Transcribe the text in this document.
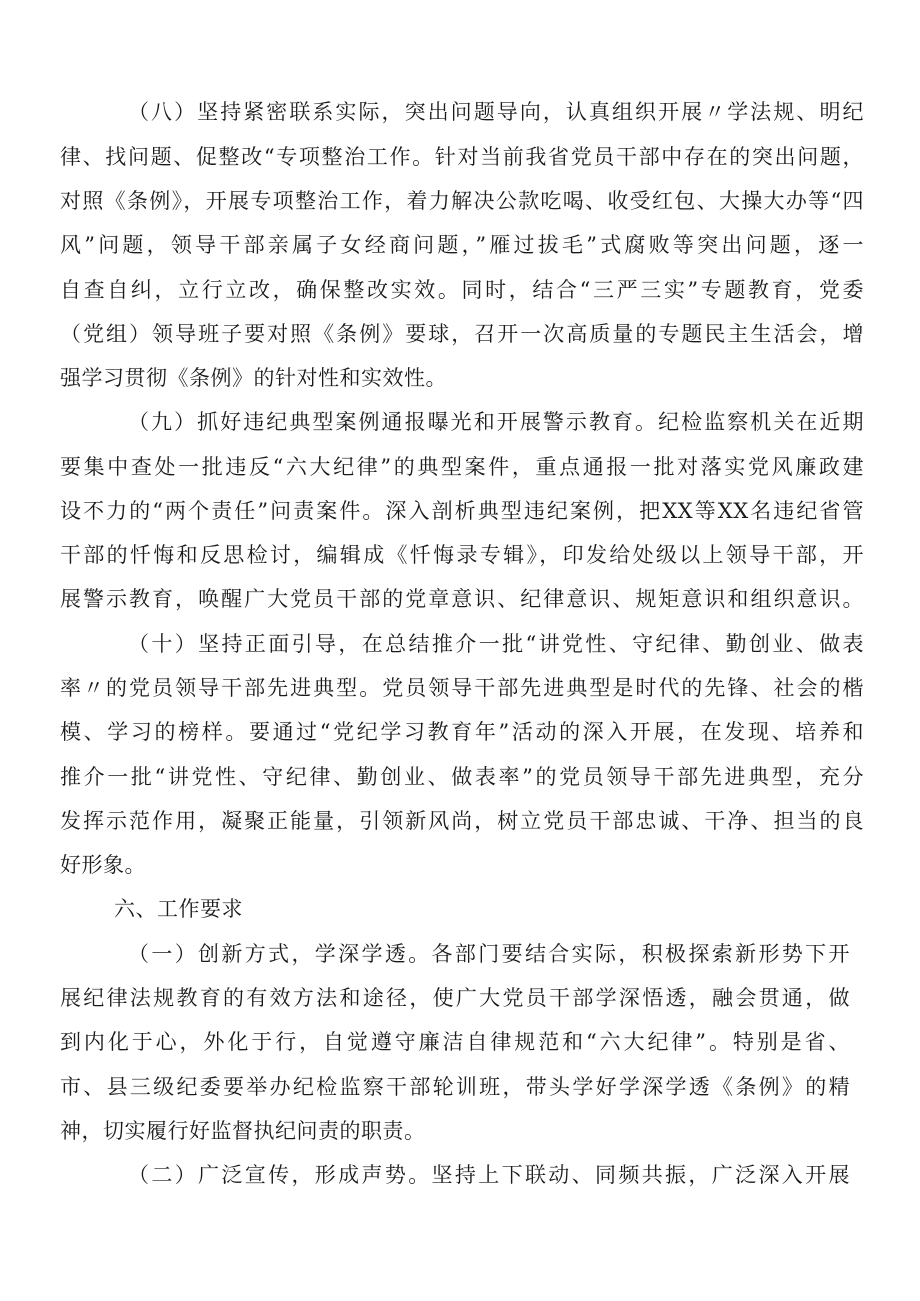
（八）坚持紧密联系实际，突出问题导向，认真组织开展〃学法规、明纪
律、找问题、促整改“专项整治工作。针对当前我省党员干部中存在的突出问题，
对照《条例》，开展专项整治工作，着力解决公款吃喝、收受红包、大操大办等“四
风”问题，领导干部亲属子女经商问题，”雁过拔毛”式腐败等突出问题，逐一
自查自纠，立行立改，确保整改实效。同时，结合“三严三实”专题教育，党委
（党组）领导班子要对照《条例》要球，召开一次高质量的专题民主生活会，增
强学习贯彻《条例》的针对性和实效性。
（九）抓好违纪典型案例通报曝光和开展警示教育。纪检监察机关在近期
要集中查处一批违反“六大纪律”的典型案件，重点通报一批对落实党风廉政建
设不力的“两个责任”问责案件。深入剖析典型违纪案例，把XX等XX名违纪省管
干部的忏悔和反思检讨，编辑成《忏悔录专辑》，印发给处级以上领导干部，开
展警示教育，唤醒广大党员干部的党章意识、纪律意识、规矩意识和组织意识。
（十）坚持正面引导，在总结推介一批“讲党性、守纪律、勤创业、做表
率〃的党员领导干部先进典型。党员领导干部先进典型是时代的先锋、社会的楷
模、学习的榜样。要通过“党纪学习教育年”活动的深入开展，在发现、培养和
推介一批“讲党性、守纪律、勤创业、做表率”的党员领导干部先进典型，充分
发挥示范作用，凝聚正能量，引领新风尚，树立党员干部忠诚、干净、担当的良
好形象。
六、工作要求
（一）创新方式，学深学透。各部门要结合实际，积极探索新形势下开
展纪律法规教育的有效方法和途径，使广大党员干部学深悟透，融会贯通，做
到内化于心，外化于行，自觉遵守廉洁自律规范和“六大纪律”。特别是省、
市、县三级纪委要举办纪检监察干部轮训班，带头学好学深学透《条例》的精
神，切实履行好监督执纪问责的职责。
（二）广泛宣传，形成声势。坚持上下联动、同频共振，广泛深入开展
